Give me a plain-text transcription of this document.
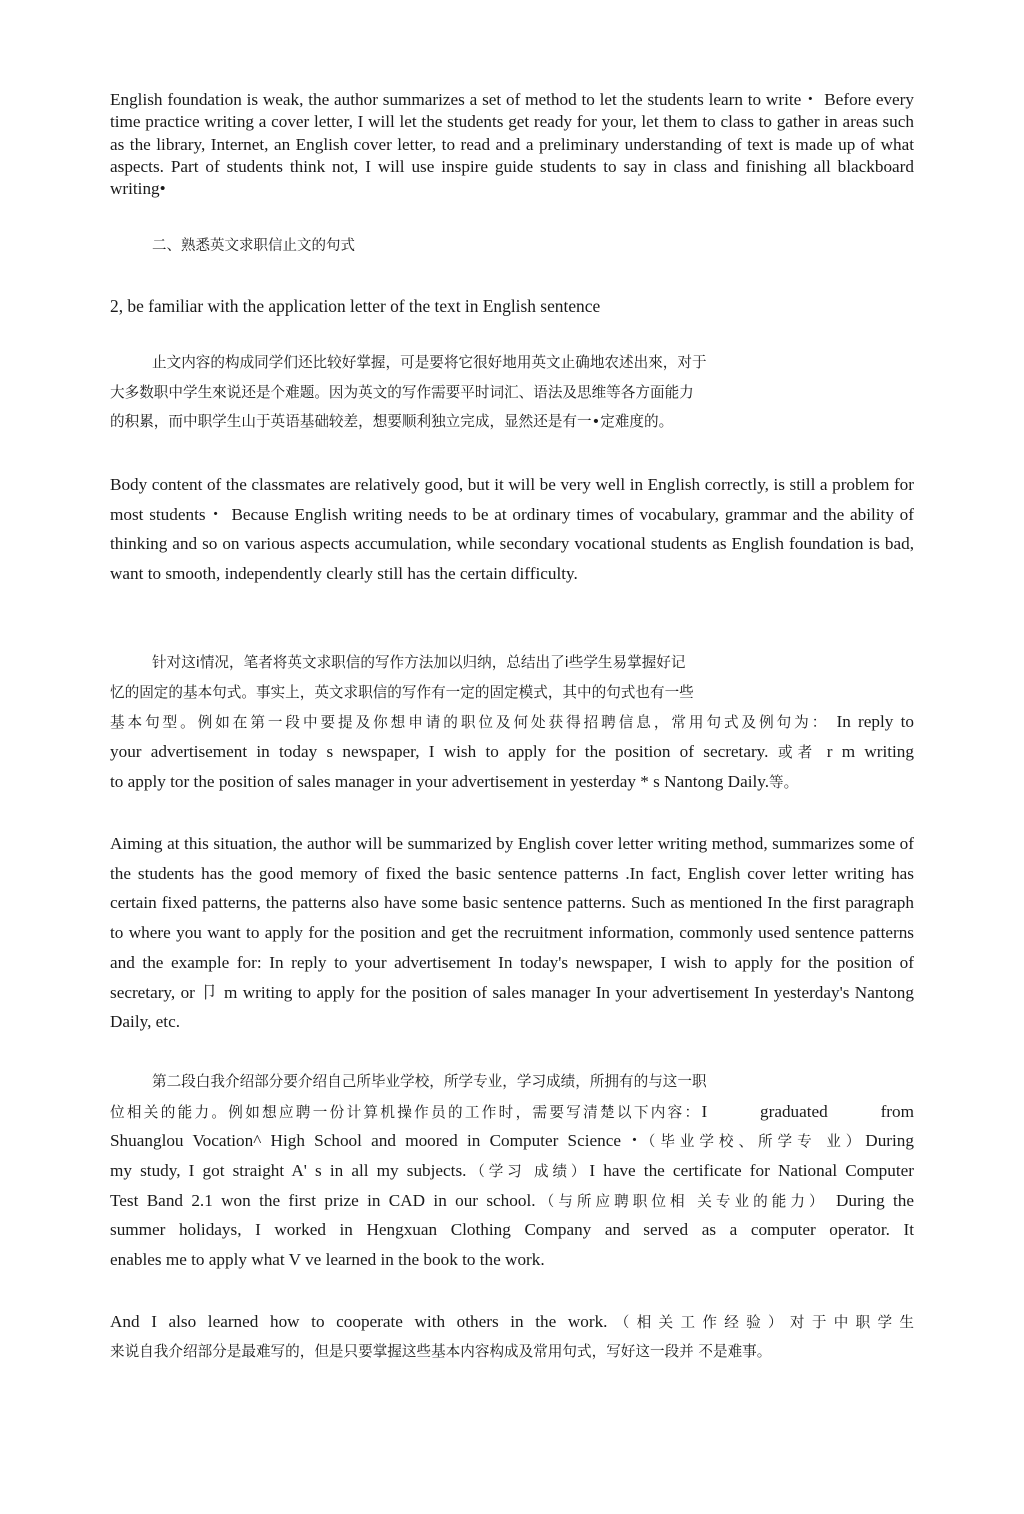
English foundation is weak, the author summarizes a set of method to let the students learn to write・ Before every time practice writing a cover letter, I will let the students get ready for your, let them to class to gather in areas such as the library, Internet, an English cover letter, to read and a preliminary understanding of text is made up of what aspects. Part of students think not, I will use inspire guide students to say in class and finishing all blackboard writing•

二、熟悉英文求职信止文的句式

2, be familiar with the application letter of the text in English sentence

止文内容的构成同学们还比较好掌握，可是要将它很好地用英文止确地农述出來，对于
大多数职中学生來说还是个难题。因为英文的写作需要平时词汇、语法及思维等各方面能力
的积累，而中职学生山于英语基础较差，想要顺利独立完成，显然还是有一•定难度的。

Body content of the classmates are relatively good, but it will be very well in English correctly, is still a problem for most students・ Because English writing needs to be at ordinary times of vocabulary, grammar and the ability of thinking and so on various aspects accumulation, while secondary vocational students as English foundation is bad, want to smooth, independently clearly still has the certain difficulty.

针对这i情况，笔者将英文求职信的写作方法加以归纳，总结出了i些学生易掌握好记
忆的固定的基本句式。事实上，英文求职信的写作有一定的固定模式，其中的句式也有一些
基本句型。例如在第一段中要提及你想申请的职位及何处获得招聘信息，常用句式及例句为： In reply to
your advertisement in today s newspaper, I wish to apply for the position of secretary. 或者 r m writing
to apply tor the position of sales manager in your advertisement in yesterday * s Nantong Daily.等。

Aiming at this situation, the author will be summarized by English cover letter writing method, summarizes some of the students has the good memory of fixed the basic sentence patterns .In fact, English cover letter writing has certain fixed patterns, the patterns also have some basic sentence patterns. Such as mentioned In the first paragraph to where you want to apply for the position and get the recruitment information, commonly used sentence patterns and the example for: In reply to your advertisement In today's newspaper, I wish to apply for the position of secretary, or 卩 m writing to apply for the position of sales manager In your advertisement In yesterday's Nantong Daily, etc.

第二段白我介绍部分要介绍自己所毕业学校，所学专业，学习成绩，所拥有的与这一职
位相关的能力。例如想应聘一份计算机操作员的工作时，需要写清楚以下内容：I        graduated        from
Shuanglou Vocation^ High School and moored in Computer Science・（毕业学校、所学专 业）During
my study, I got straight A' s in all my subjects.（学习 成绩）I have the certificate for National Computer
Test Band 2.1 won the first prize in CAD in our school.（与所应聘职位相 关专业的能力） During the
summer holidays, I worked in Hengxuan Clothing Company and served as a computer operator. It
enables me to apply what V ve learned in the book to the work.
And I also learned how to cooperate with others in the work.（相关工作经验）对于中职学生
来说自我介绍部分是最难写的，但是只要掌握这些基本内容构成及常用句式，写好这一段并 不是难事。
